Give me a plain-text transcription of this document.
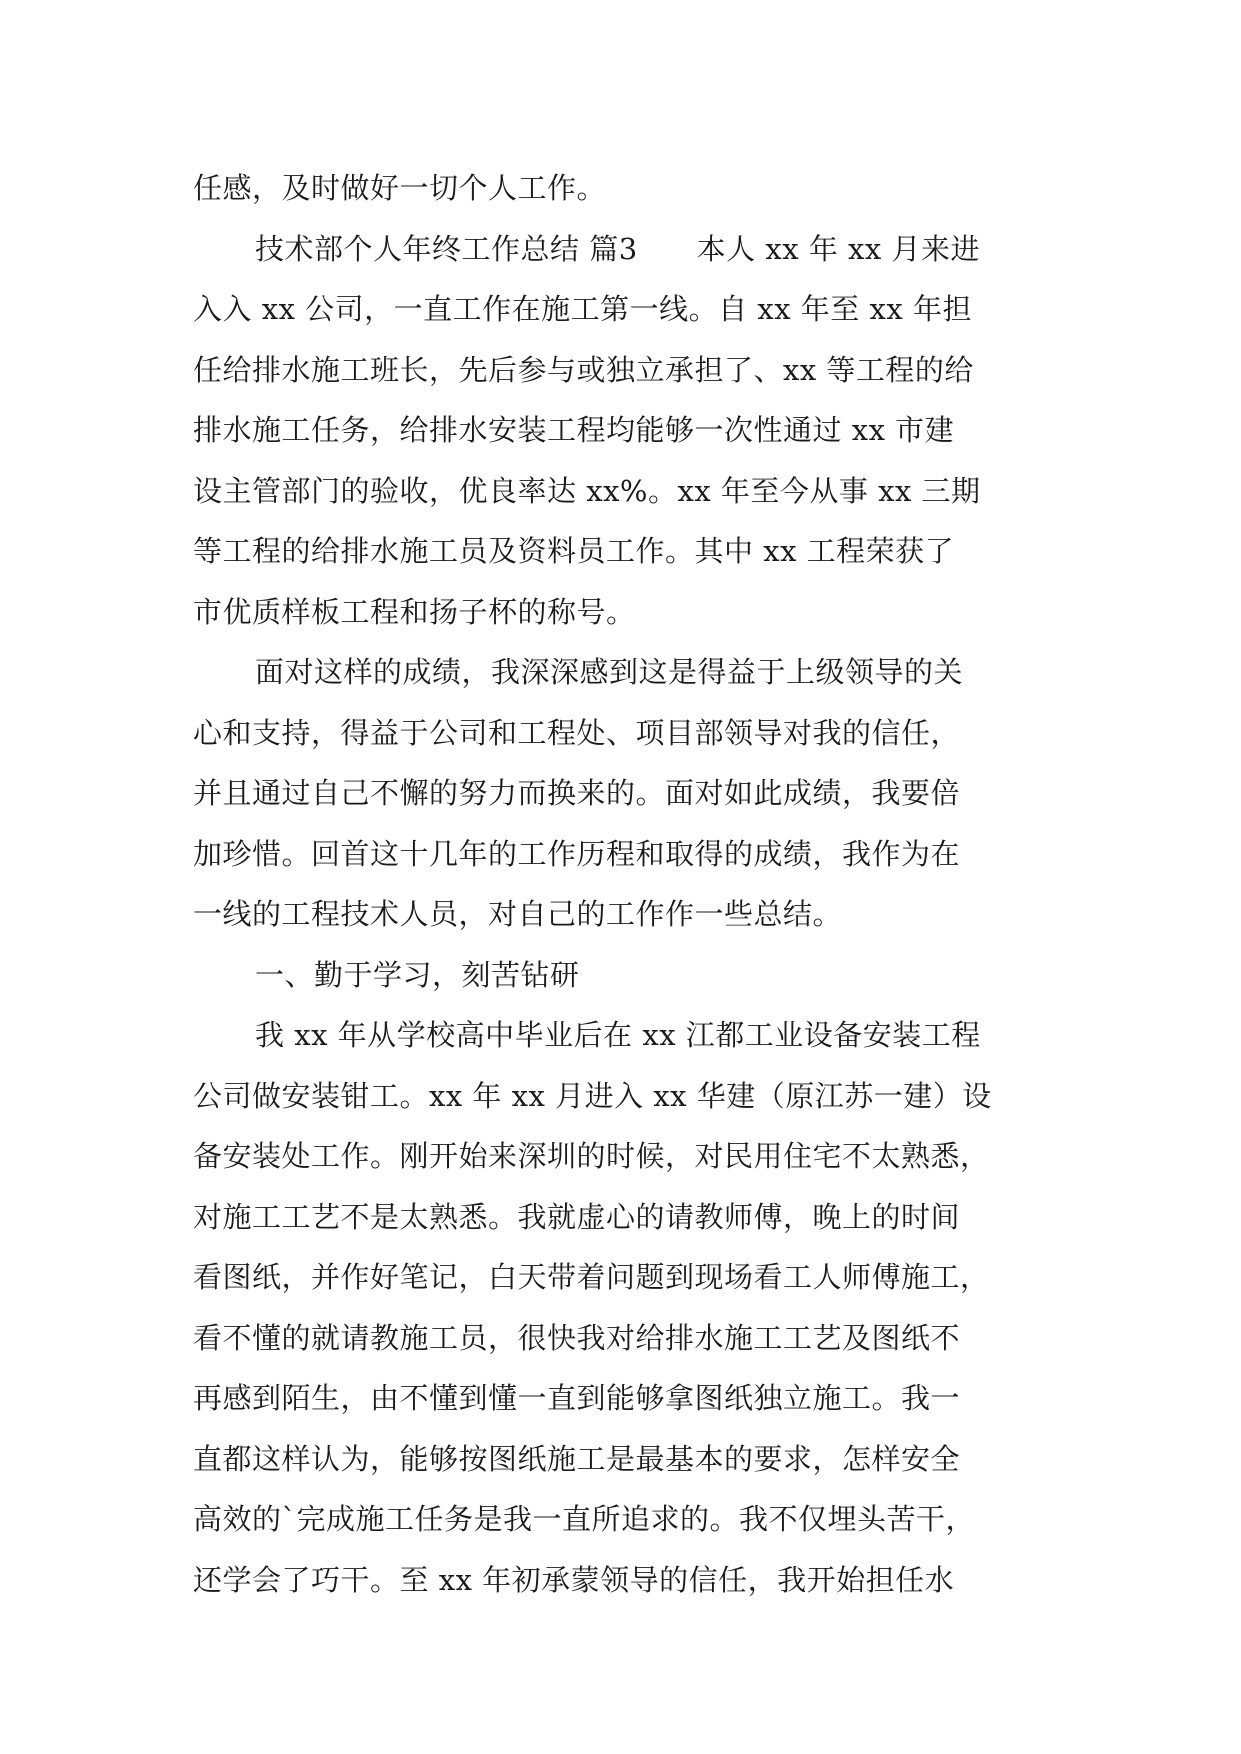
任感，及时做好一切个人工作。
技术部个人年终工作总结 篇3　　本人 xx 年 xx 月来进
入入 xx 公司，一直工作在施工第一线。自 xx 年至 xx 年担
任给排水施工班长，先后参与或独立承担了、xx 等工程的给
排水施工任务，给排水安装工程均能够一次性通过 xx 市建
设主管部门的验收，优良率达 xx%。xx 年至今从事 xx 三期
等工程的给排水施工员及资料员工作。其中 xx 工程荣获了
市优质样板工程和扬子杯的称号。
面对这样的成绩，我深深感到这是得益于上级领导的关
心和支持，得益于公司和工程处、项目部领导对我的信任，
并且通过自己不懈的努力而换来的。面对如此成绩，我要倍
加珍惜。回首这十几年的工作历程和取得的成绩，我作为在
一线的工程技术人员，对自己的工作作一些总结。
一、勤于学习，刻苦钻研
我 xx 年从学校高中毕业后在 xx 江都工业设备安装工程
公司做安装钳工。xx 年 xx 月进入 xx 华建（原江苏一建）设
备安装处工作。刚开始来深圳的时候，对民用住宅不太熟悉，
对施工工艺不是太熟悉。我就虚心的请教师傅，晚上的时间
看图纸，并作好笔记，白天带着问题到现场看工人师傅施工，
看不懂的就请教施工员，很快我对给排水施工工艺及图纸不
再感到陌生，由不懂到懂一直到能够拿图纸独立施工。我一
直都这样认为，能够按图纸施工是最基本的要求，怎样安全
高效的`完成施工任务是我一直所追求的。我不仅埋头苦干，
还学会了巧干。至 xx 年初承蒙领导的信任，我开始担任水
